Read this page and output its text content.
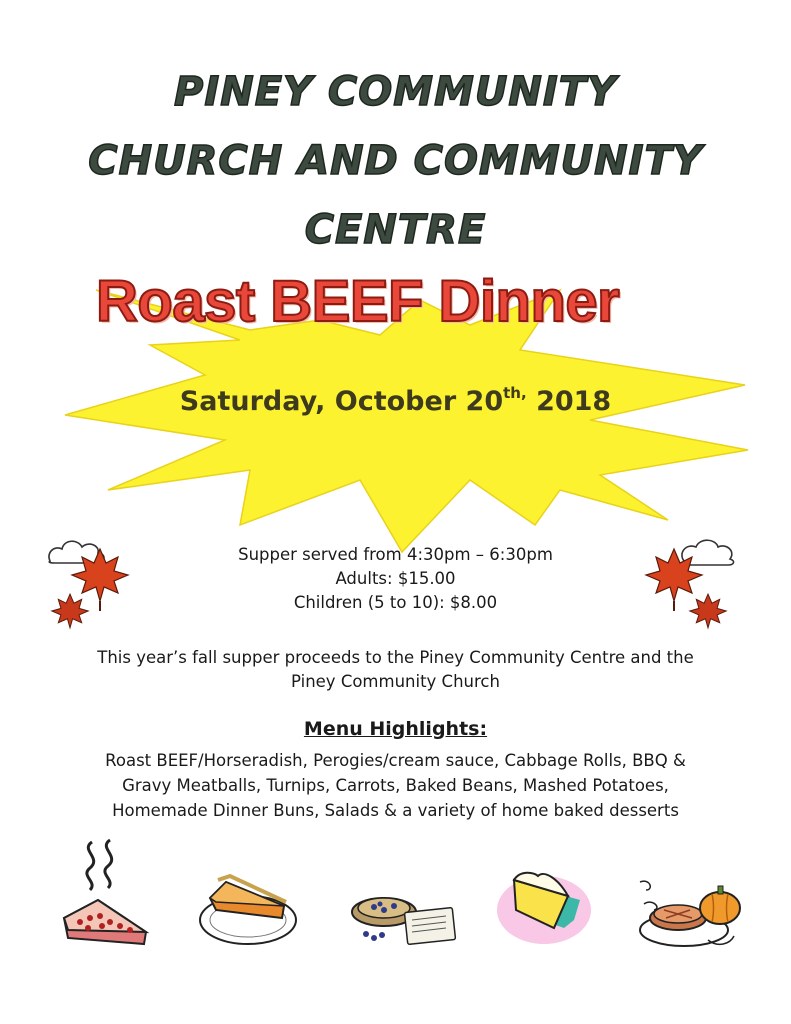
PINEY COMMUNITY
CHURCH AND COMMUNITY
CENTRE
Roast BEEF Dinner
Saturday, October $20^{th,}$ 2018
Supper served from 4:30pm – 6:30pm
Adults: $15.00
Children (5 to 10): $8.00
This year’s fall supper proceeds to the Piney Community Centre and the
Piney Community Church
Menu Highlights:
Roast BEEF/Horseradish, Perogies/cream sauce, Cabbage Rolls, BBQ &
Gravy Meatballs, Turnips, Carrots, Baked Beans, Mashed Potatoes,
Homemade Dinner Buns, Salads & a variety of home baked desserts
